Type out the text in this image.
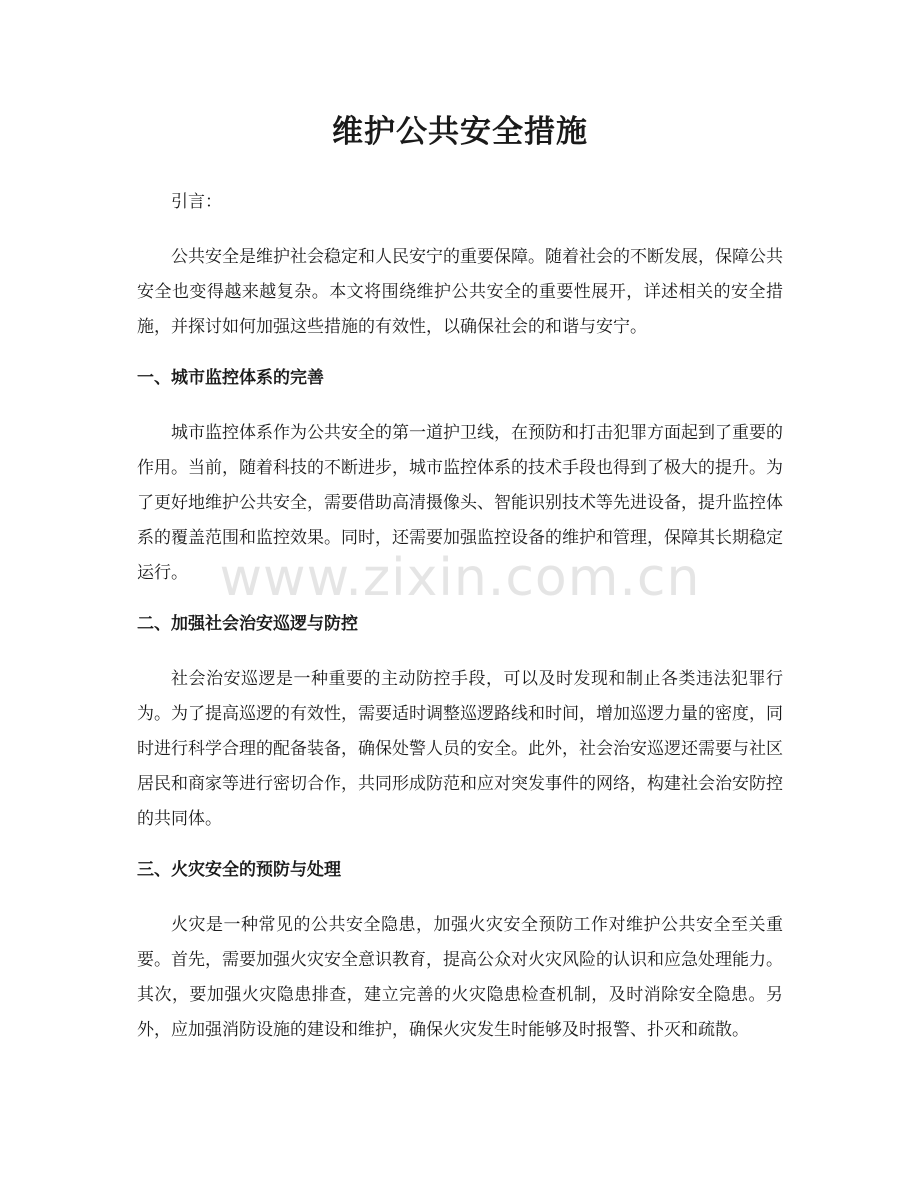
维护公共安全措施

引言：

公共安全是维护社会稳定和人民安宁的重要保障。随着社会的不断发展，保障公共安全也变得越来越复杂。本文将围绕维护公共安全的重要性展开，详述相关的安全措施，并探讨如何加强这些措施的有效性，以确保社会的和谐与安宁。

一、城市监控体系的完善

城市监控体系作为公共安全的第一道护卫线，在预防和打击犯罪方面起到了重要的作用。当前，随着科技的不断进步，城市监控体系的技术手段也得到了极大的提升。为了更好地维护公共安全，需要借助高清摄像头、智能识别技术等先进设备，提升监控体系的覆盖范围和监控效果。同时，还需要加强监控设备的维护和管理，保障其长期稳定运行。

二、加强社会治安巡逻与防控

社会治安巡逻是一种重要的主动防控手段，可以及时发现和制止各类违法犯罪行为。为了提高巡逻的有效性，需要适时调整巡逻路线和时间，增加巡逻力量的密度，同时进行科学合理的配备装备，确保处警人员的安全。此外，社会治安巡逻还需要与社区居民和商家等进行密切合作，共同形成防范和应对突发事件的网络，构建社会治安防控的共同体。

三、火灾安全的预防与处理

火灾是一种常见的公共安全隐患，加强火灾安全预防工作对维护公共安全至关重要。首先，需要加强火灾安全意识教育，提高公众对火灾风险的认识和应急处理能力。其次，要加强火灾隐患排查，建立完善的火灾隐患检查机制，及时消除安全隐患。另外，应加强消防设施的建设和维护，确保火灾发生时能够及时报警、扑灭和疏散。

www.zixin.com.cn
